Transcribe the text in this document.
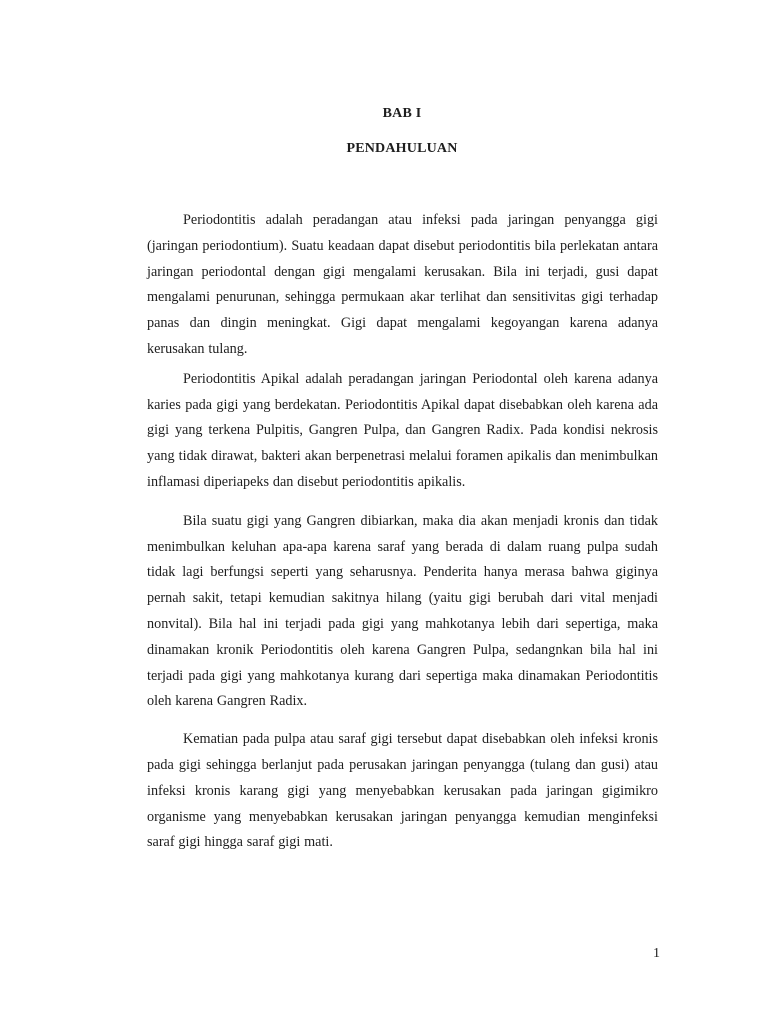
BAB I
PENDAHULUAN

Periodontitis adalah peradangan atau infeksi pada jaringan penyangga gigi (jaringan periodontium). Suatu keadaan dapat disebut periodontitis bila perlekatan antara jaringan periodontal dengan gigi mengalami kerusakan. Bila ini terjadi, gusi dapat mengalami penurunan, sehingga permukaan akar terlihat dan sensitivitas gigi terhadap panas dan dingin meningkat. Gigi dapat mengalami kegoyangan karena adanya kerusakan tulang.

Periodontitis Apikal adalah peradangan jaringan Periodontal oleh karena adanya karies pada gigi yang berdekatan. Periodontitis Apikal dapat disebabkan oleh karena ada gigi yang terkena Pulpitis, Gangren Pulpa, dan Gangren Radix. Pada kondisi nekrosis yang tidak dirawat, bakteri akan berpenetrasi melalui foramen apikalis dan menimbulkan inflamasi diperiapeks dan disebut periodontitis apikalis.

Bila suatu gigi yang Gangren dibiarkan, maka dia akan menjadi kronis dan tidak menimbulkan keluhan apa-apa karena saraf yang berada di dalam ruang pulpa sudah tidak lagi berfungsi seperti yang seharusnya. Penderita hanya merasa bahwa giginya pernah sakit, tetapi kemudian sakitnya hilang (yaitu gigi berubah dari vital menjadi nonvital). Bila hal ini terjadi pada gigi yang mahkotanya lebih dari sepertiga, maka dinamakan kronik Periodontitis oleh karena Gangren Pulpa, sedangnkan bila hal ini terjadi pada gigi yang mahkotanya kurang dari sepertiga maka dinamakan Periodontitis oleh karena Gangren Radix.

Kematian pada pulpa atau saraf gigi tersebut dapat disebabkan oleh infeksi kronis pada gigi sehingga berlanjut pada perusakan jaringan penyangga (tulang dan gusi) atau infeksi kronis karang gigi yang menyebabkan kerusakan pada jaringan gigimikro organisme yang menyebabkan kerusakan jaringan penyangga kemudian menginfeksi saraf gigi hingga saraf gigi mati.

1
